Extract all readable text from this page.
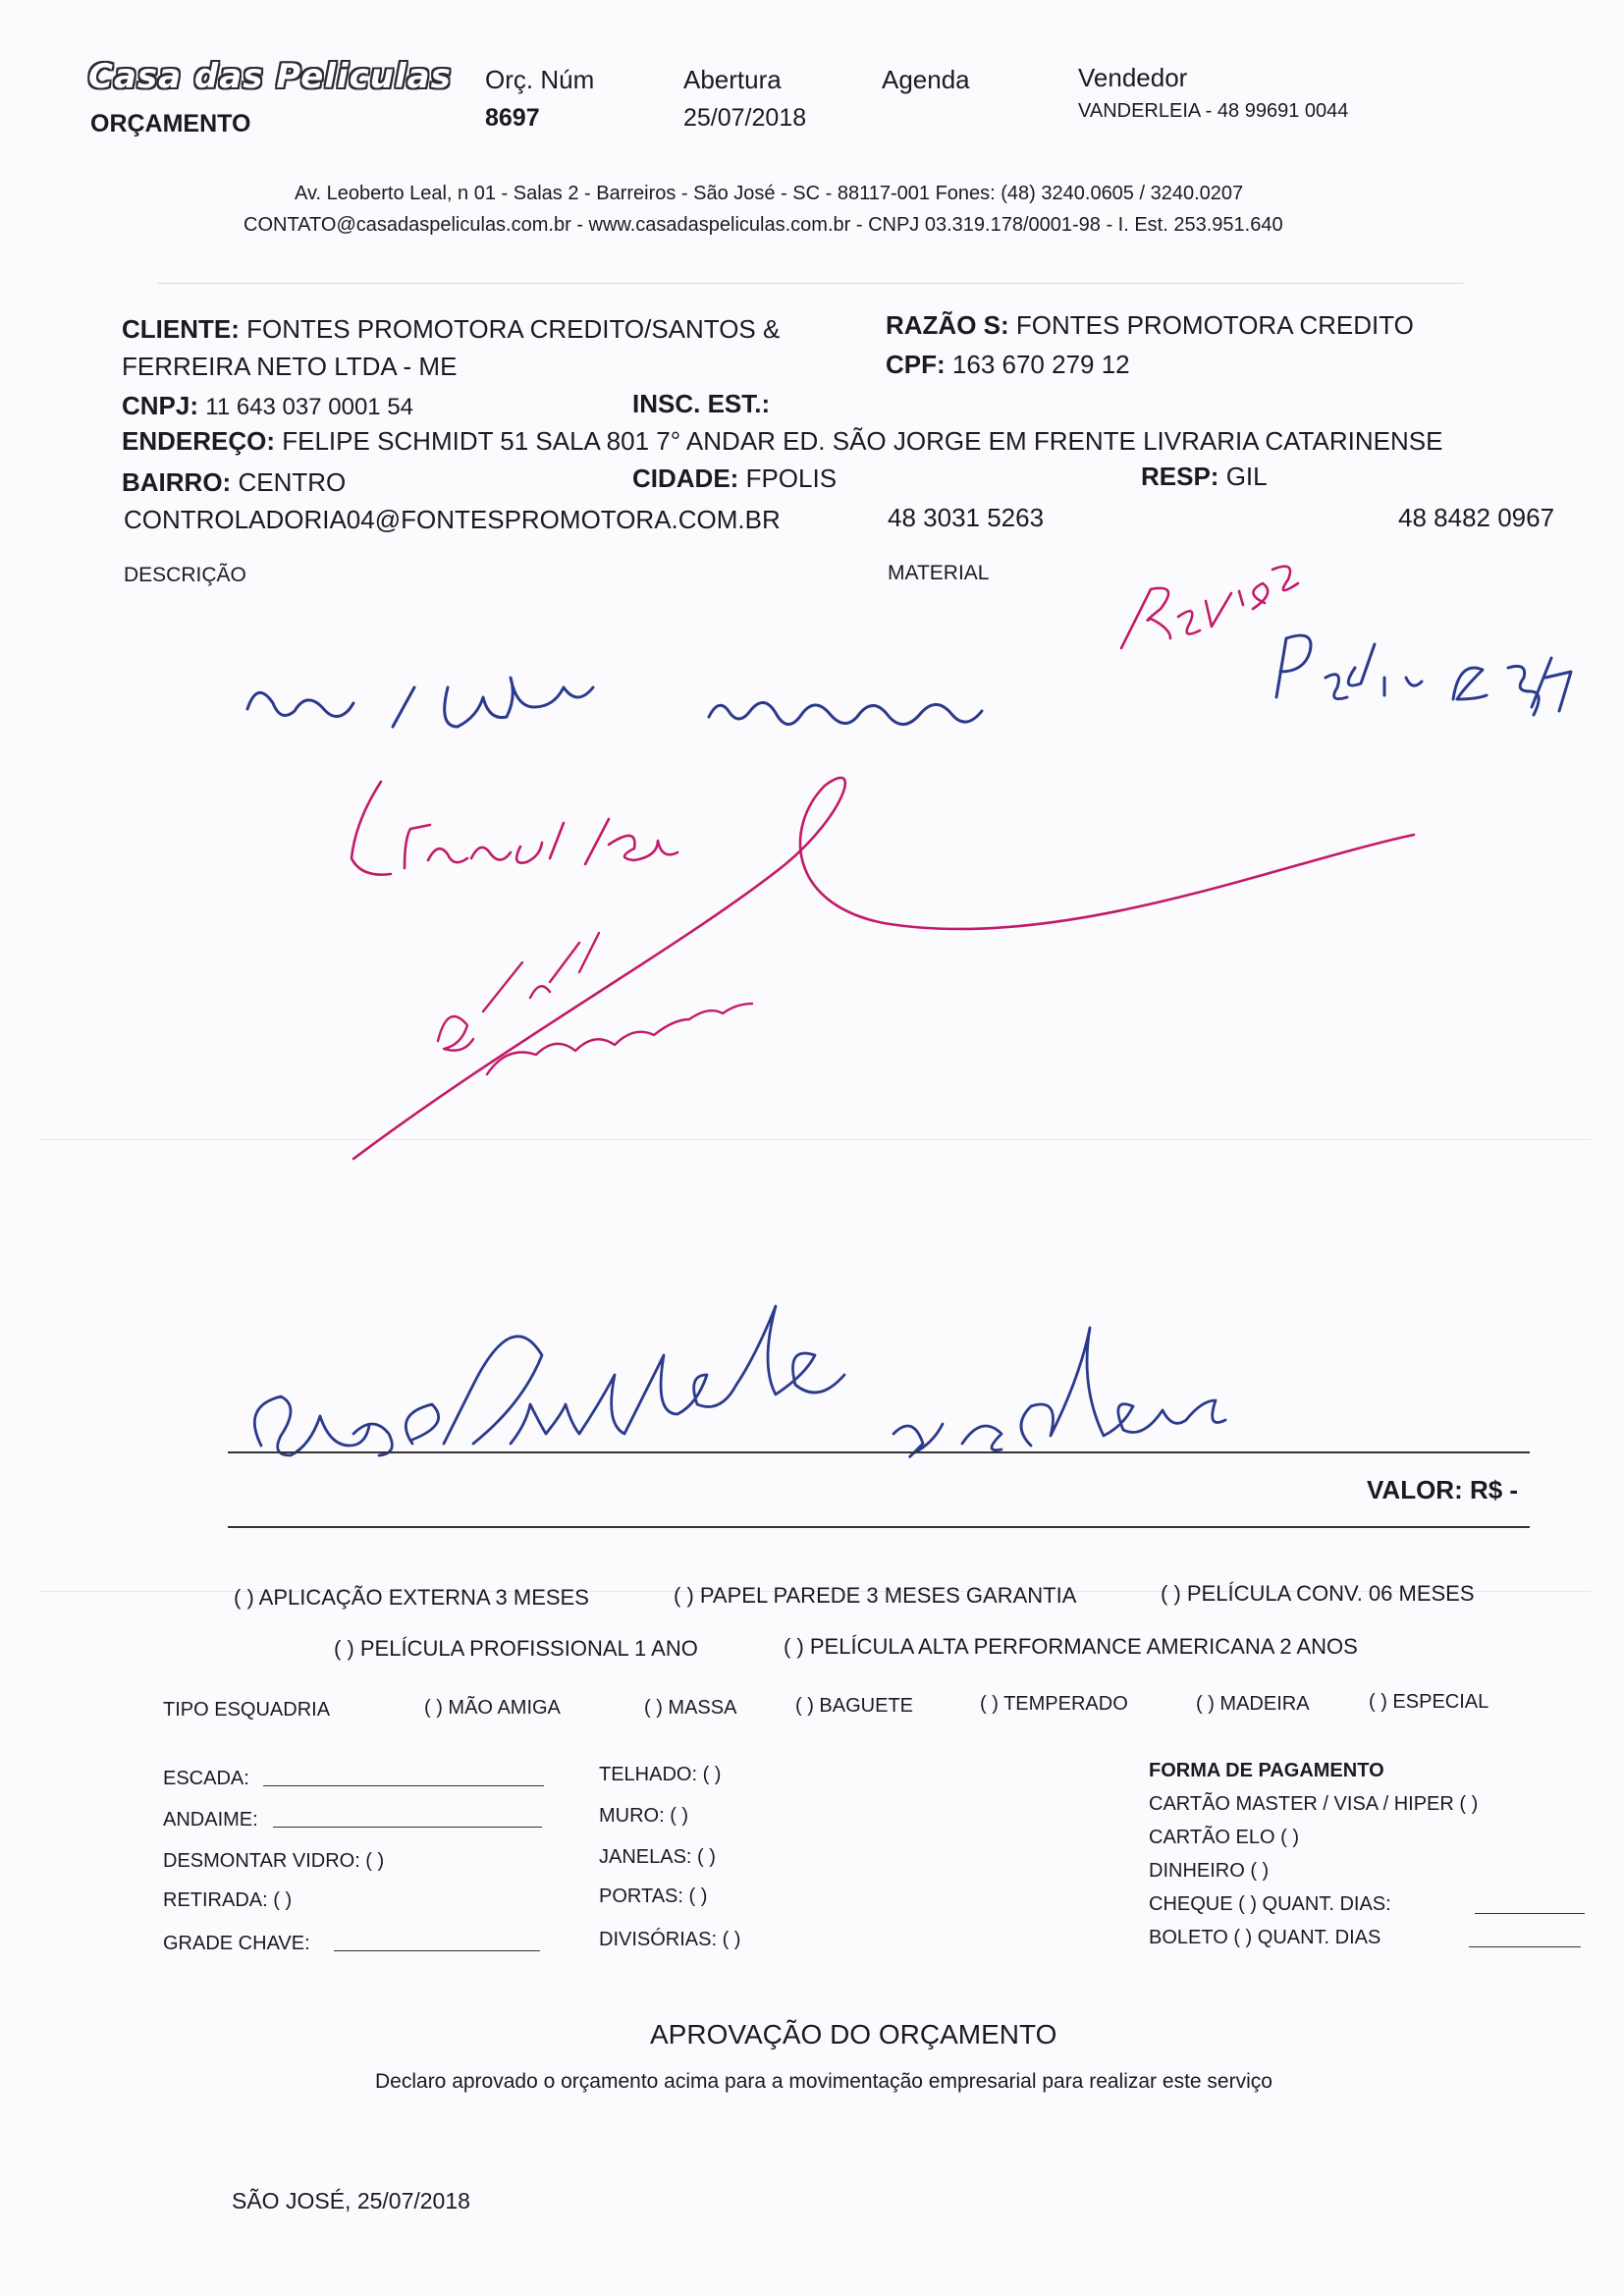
Casa das Peliculas
ORÇAMENTO
Orç. Núm
8697
Abertura
25/07/2018
Agenda	Vendedor
VANDERLEIA - 48 99691 0044
Av. Leoberto Leal, n 01 - Salas 2 - Barreiros - São José - SC - 88117-001 Fones: (48) 3240.0605 / 3240.0207
CONTATO@casadaspeliculas.com.br - www.casadaspeliculas.com.br - CNPJ 03.319.178/0001-98 - I. Est. 253.951.640
CLIENTE: FONTES PROMOTORA CREDITO/SANTOS &
FERREIRA NETO LTDA - ME
RAZÃO S: FONTES PROMOTORA CREDITO
CPF: 163 670 279 12
CNPJ: 11 643 037 0001 54	INSC. EST.:
ENDEREÇO: FELIPE SCHMIDT 51 SALA 801 7° ANDAR ED. SÃO JORGE EM FRENTE LIVRARIA CATARINENSE
BAIRRO: CENTRO	CIDADE: FPOLIS	RESP: GIL
CONTROLADORIA04@FONTESPROMOTORA.COM.BR	48 3031 5263	48 8482 0967
DESCRIÇÃO	MATERIAL
VALOR: R$ -
( ) APLICAÇÃO EXTERNA 3 MESES	( ) PAPEL PAREDE 3 MESES GARANTIA	( ) PELÍCULA CONV. 06 MESES
( ) PELÍCULA PROFISSIONAL 1 ANO	( ) PELÍCULA ALTA PERFORMANCE AMERICANA 2 ANOS
TIPO ESQUADRIA	( ) MÃO AMIGA	( ) MASSA	( ) BAGUETE	( ) TEMPERADO	( ) MADEIRA	( ) ESPECIAL
ESCADA:
ANDAIME:
DESMONTAR VIDRO: ( )
RETIRADA: ( )
GRADE CHAVE:
TELHADO: ( )
MURO: ( )
JANELAS: ( )
PORTAS: ( )
DIVISÓRIAS: ( )
FORMA DE PAGAMENTO
CARTÃO MASTER / VISA / HIPER ( )
CARTÃO ELO ( )
DINHEIRO ( )
CHEQUE ( ) QUANT. DIAS:
BOLETO ( ) QUANT. DIAS
APROVAÇÃO DO ORÇAMENTO
Declaro aprovado o orçamento acima para a movimentação empresarial para realizar este serviço
SÃO JOSÉ, 25/07/2018
